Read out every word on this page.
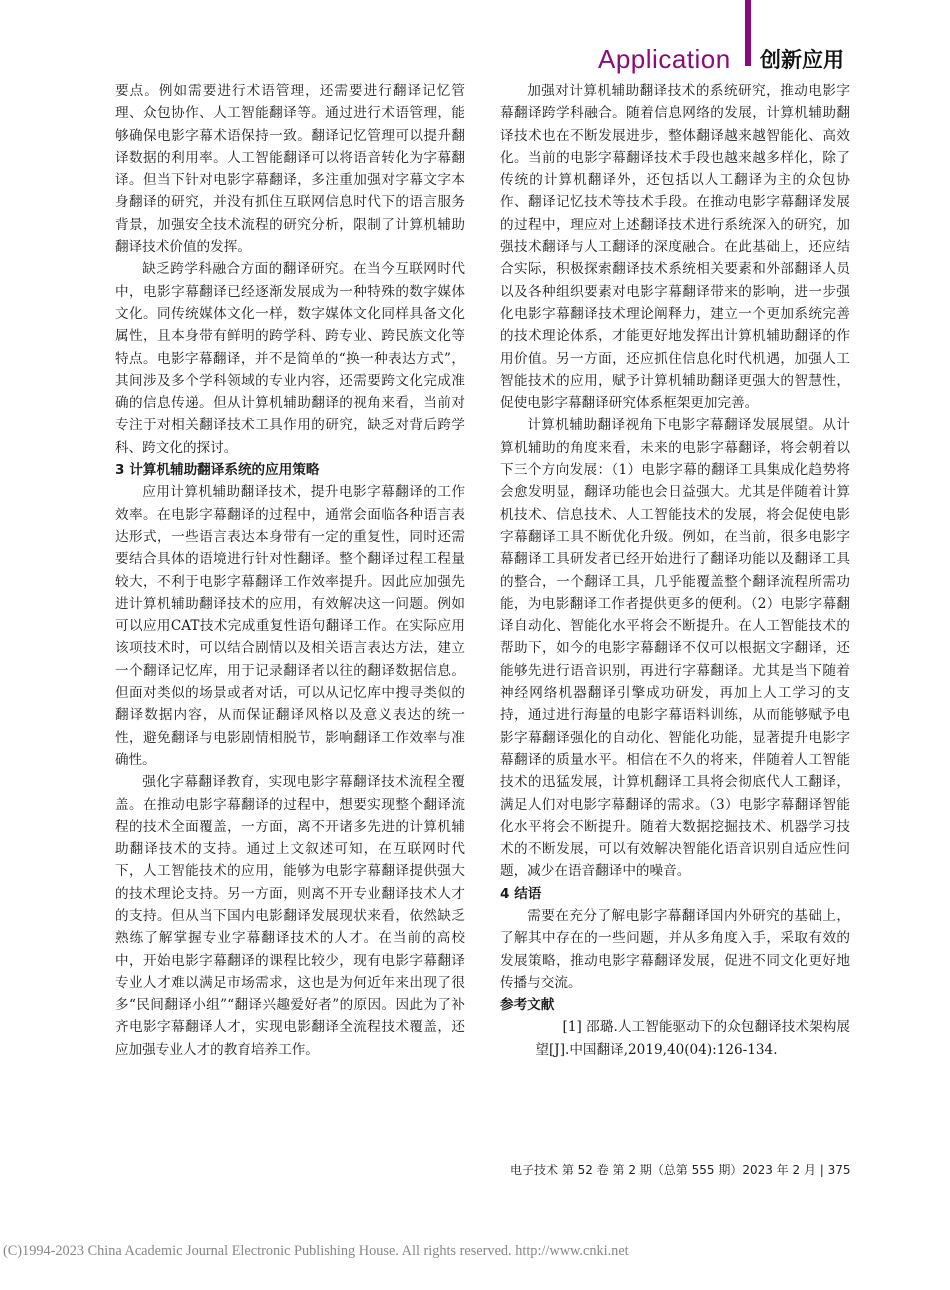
Application 创新应用

要点。例如需要进行术语管理，还需要进行翻译记忆管理、众包协作、人工智能翻译等。通过进行术语管理，能够确保电影字幕术语保持一致。翻译记忆管理可以提升翻译数据的利用率。人工智能翻译可以将语音转化为字幕翻译。但当下针对电影字幕翻译，多注重加强对字幕文字本身翻译的研究，并没有抓住互联网信息时代下的语言服务背景，加强安全技术流程的研究分析，限制了计算机辅助翻译技术价值的发挥。

缺乏跨学科融合方面的翻译研究。在当今互联网时代中，电影字幕翻译已经逐渐发展成为一种特殊的数字媒体文化。同传统媒体文化一样，数字媒体文化同样具备文化属性，且本身带有鲜明的跨学科、跨专业、跨民族文化等特点。电影字幕翻译，并不是简单的“换一种表达方式”，其间涉及多个学科领域的专业内容，还需要跨文化完成准确的信息传递。但从计算机辅助翻译的视角来看，当前对专注于对相关翻译技术工具作用的研究，缺乏对背后跨学科、跨文化的探讨。

3 计算机辅助翻译系统的应用策略

应用计算机辅助翻译技术，提升电影字幕翻译的工作效率。在电影字幕翻译的过程中，通常会面临各种语言表达形式，一些语言表达本身带有一定的重复性，同时还需要结合具体的语境进行针对性翻译。整个翻译过程工程量较大，不利于电影字幕翻译工作效率提升。因此应加强先进计算机辅助翻译技术的应用，有效解决这一问题。例如可以应用CAT技术完成重复性语句翻译工作。在实际应用该项技术时，可以结合剧情以及相关语言表达方法，建立一个翻译记忆库，用于记录翻译者以往的翻译数据信息。但面对类似的场景或者对话，可以从记忆库中搜寻类似的翻译数据内容，从而保证翻译风格以及意义表达的统一性，避免翻译与电影剧情相脱节，影响翻译工作效率与准确性。

强化字幕翻译教育，实现电影字幕翻译技术流程全覆盖。在推动电影字幕翻译的过程中，想要实现整个翻译流程的技术全面覆盖，一方面，离不开诸多先进的计算机辅助翻译技术的支持。通过上文叙述可知，在互联网时代下，人工智能技术的应用，能够为电影字幕翻译提供强大的技术理论支持。另一方面，则离不开专业翻译技术人才的支持。但从当下国内电影翻译发展现状来看，依然缺乏熟练了解掌握专业字幕翻译技术的人才。在当前的高校中，开始电影字幕翻译的课程比较少，现有电影字幕翻译专业人才难以满足市场需求，这也是为何近年来出现了很多“民间翻译小组”“翻译兴趣爱好者”的原因。因此为了补齐电影字幕翻译人才，实现电影翻译全流程技术覆盖，还应加强专业人才的教育培养工作。

加强对计算机辅助翻译技术的系统研究，推动电影字幕翻译跨学科融合。随着信息网络的发展，计算机辅助翻译技术也在不断发展进步，整体翻译越来越智能化、高效化。当前的电影字幕翻译技术手段也越来越多样化，除了传统的计算机翻译外，还包括以人工翻译为主的众包协作、翻译记忆技术等技术手段。在推动电影字幕翻译发展的过程中，理应对上述翻译技术进行系统深入的研究，加强技术翻译与人工翻译的深度融合。在此基础上，还应结合实际，积极探索翻译技术系统相关要素和外部翻译人员以及各种组织要素对电影字幕翻译带来的影响，进一步强化电影字幕翻译技术理论阐释力，建立一个更加系统完善的技术理论体系，才能更好地发挥出计算机辅助翻译的作用价值。另一方面，还应抓住信息化时代机遇，加强人工智能技术的应用，赋予计算机辅助翻译更强大的智慧性，促使电影字幕翻译研究体系框架更加完善。

计算机辅助翻译视角下电影字幕翻译发展展望。从计算机辅助的角度来看，未来的电影字幕翻译，将会朝着以下三个方向发展：（1）电影字幕的翻译工具集成化趋势将会愈发明显，翻译功能也会日益强大。尤其是伴随着计算机技术、信息技术、人工智能技术的发展，将会促使电影字幕翻译工具不断优化升级。例如，在当前，很多电影字幕翻译工具研发者已经开始进行了翻译功能以及翻译工具的整合，一个翻译工具，几乎能覆盖整个翻译流程所需功能，为电影翻译工作者提供更多的便利。（2）电影字幕翻译自动化、智能化水平将会不断提升。在人工智能技术的帮助下，如今的电影字幕翻译不仅可以根据文字翻译，还能够先进行语音识别，再进行字幕翻译。尤其是当下随着神经网络机器翻译引擎成功研发，再加上人工学习的支持，通过进行海量的电影字幕语料训练，从而能够赋予电影字幕翻译强化的自动化、智能化功能，显著提升电影字幕翻译的质量水平。相信在不久的将来，伴随着人工智能技术的迅猛发展，计算机翻译工具将会彻底代人工翻译，满足人们对电影字幕翻译的需求。（3）电影字幕翻译智能化水平将会不断提升。随着大数据挖掘技术、机器学习技术的不断发展，可以有效解决智能化语音识别自适应性问题，减少在语音翻译中的噪音。

4 结语

需要在充分了解电影字幕翻译国内外研究的基础上，了解其中存在的一些问题，并从多角度入手，采取有效的发展策略，推动电影字幕翻译发展，促进不同文化更好地传播与交流。

参考文献

[1] 邵璐.人工智能驱动下的众包翻译技术架构展望[J].中国翻译,2019,40(04):126-134.

电子技术 第 52 卷 第 2 期（总第 555 期）2023 年 2 月 | 375
(C)1994-2023 China Academic Journal Electronic Publishing House. All rights reserved. http://www.cnki.net
